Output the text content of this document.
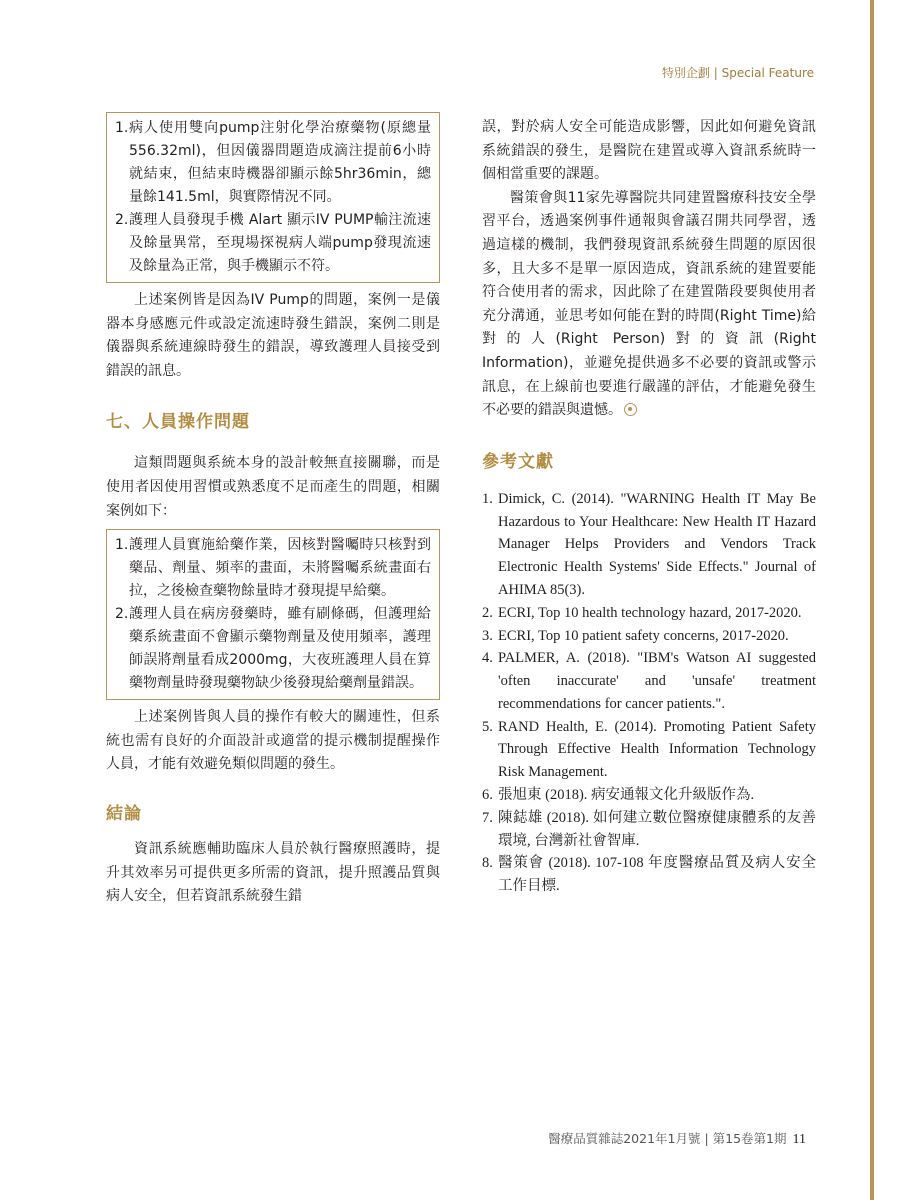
特別企劃 | Special Feature
1. 病人使用雙向pump注射化學治療藥物(原總量556.32ml)，但因儀器問題造成滴注提前6小時就結束，但結束時機器卻顯示餘5hr36min，總量餘141.5ml，與實際情況不同。
2. 護理人員發現手機 Alart 顯示IV PUMP輸注流速及餘量異常，至現場探視病人端pump發現流速及餘量為正常，與手機顯示不符。

上述案例皆是因為IV Pump的問題，案例一是儀器本身感應元件或設定流速時發生錯誤，案例二則是儀器與系統連線時發生的錯誤，導致護理人員接受到錯誤的訊息。

七、人員操作問題

這類問題與系統本身的設計較無直接關聯，而是使用者因使用習慣或熟悉度不足而產生的問題，相關案例如下：

1. 護理人員實施給藥作業，因核對醫囑時只核對到藥品、劑量、頻率的畫面，未將醫囑系統畫面右拉，之後檢查藥物餘量時才發現提早給藥。
2. 護理人員在病房發藥時，雖有刷條碼，但護理給藥系統畫面不會顯示藥物劑量及使用頻率，護理師誤將劑量看成2000mg，大夜班護理人員在算藥物劑量時發現藥物缺少後發現給藥劑量錯誤。

上述案例皆與人員的操作有較大的關連性，但系統也需有良好的介面設計或適當的提示機制提醒操作人員，才能有效避免類似問題的發生。

結論

資訊系統應輔助臨床人員於執行醫療照護時，提升其效率另可提供更多所需的資訊，提升照護品質與病人安全，但若資訊系統發生錯

誤，對於病人安全可能造成影響，因此如何避免資訊系統錯誤的發生，是醫院在建置或導入資訊系統時一個相當重要的課題。

醫策會與11家先導醫院共同建置醫療科技安全學習平台，透過案例事件通報與會議召開共同學習，透過這樣的機制，我們發現資訊系統發生問題的原因很多，且大多不是單一原因造成，資訊系統的建置要能符合使用者的需求，因此除了在建置階段要與使用者充分溝通，並思考如何能在對的時間(Right Time)給對的人(Right Person)對的資訊(Right Information)，並避免提供過多不必要的資訊或警示訊息，在上線前也要進行嚴謹的評估，才能避免發生不必要的錯誤與遺憾。

參考文獻
1. Dimick, C. (2014). "WARNING Health IT May Be Hazardous to Your Healthcare: New Health IT Hazard Manager Helps Providers and Vendors Track Electronic Health Systems' Side Effects." Journal of AHIMA 85(3).
2. ECRI, Top 10 health technology hazard, 2017-2020.
3. ECRI, Top 10 patient safety concerns, 2017-2020.
4. PALMER, A. (2018). "IBM's Watson AI suggested 'often inaccurate' and 'unsafe' treatment recommendations for cancer patients.".
5. RAND Health, E. (2014). Promoting Patient Safety Through Effective Health Information Technology Risk Management.
6. 張旭東 (2018). 病安通報文化升級版作為.
7. 陳鋕雄 (2018). 如何建立數位醫療健康體系的友善環境, 台灣新社會智庫.
8. 醫策會 (2018). 107-108 年度醫療品質及病人安全工作目標.
醫療品質雜誌2021年1月號 | 第15卷第1期 11
